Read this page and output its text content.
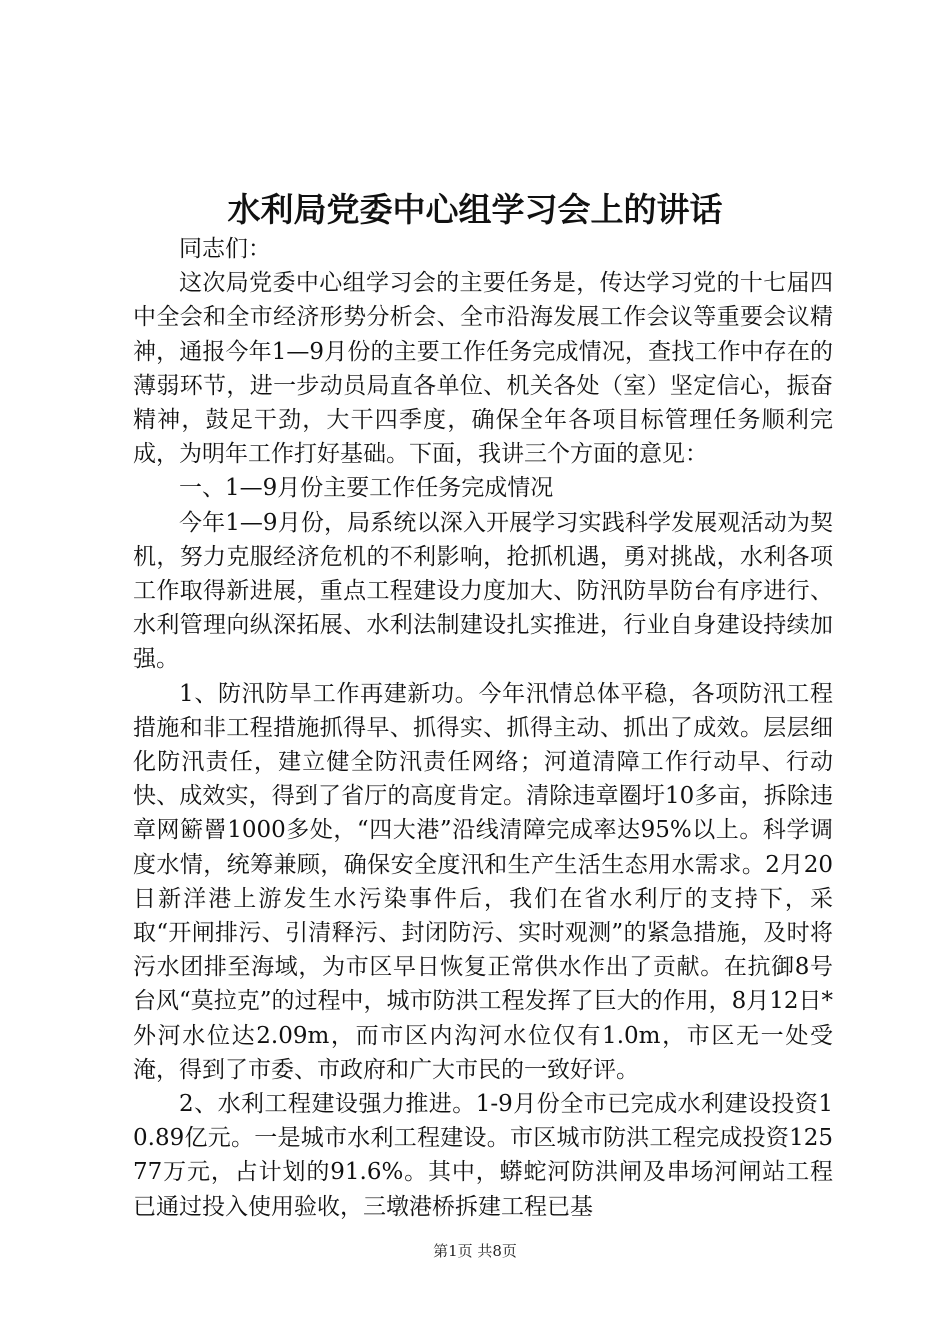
水利局党委中心组学习会上的讲话

同志们：

这次局党委中心组学习会的主要任务是，传达学习党的十七届四中全会和全市经济形势分析会、全市沿海发展工作会议等重要会议精神，通报今年1—9月份的主要工作任务完成情况，查找工作中存在的薄弱环节，进一步动员局直各单位、机关各处（室）坚定信心，振奋精神，鼓足干劲，大干四季度，确保全年各项目标管理任务顺利完成，为明年工作打好基础。下面，我讲三个方面的意见：

一、1—9月份主要工作任务完成情况

今年1—9月份，局系统以深入开展学习实践科学发展观活动为契机，努力克服经济危机的不利影响，抢抓机遇，勇对挑战，水利各项工作取得新进展，重点工程建设力度加大、防汛防旱防台有序进行、水利管理向纵深拓展、水利法制建设扎实推进，行业自身建设持续加强。

1、防汛防旱工作再建新功。今年汛情总体平稳，各项防汛工程措施和非工程措施抓得早、抓得实、抓得主动、抓出了成效。层层细化防汛责任，建立健全防汛责任网络；河道清障工作行动早、行动快、成效实，得到了省厅的高度肯定。清除违章圈圩10多亩，拆除违章网簖罾1000多处，“四大港”沿线清障完成率达95%以上。科学调度水情，统筹兼顾，确保安全度汛和生产生活生态用水需求。2月20日新洋港上游发生水污染事件后，我们在省水利厅的支持下，采取“开闸排污、引清释污、封闭防污、实时观测”的紧急措施，及时将污水团排至海域，为市区早日恢复正常供水作出了贡献。在抗御8号台风“莫拉克”的过程中，城市防洪工程发挥了巨大的作用，8月12日*外河水位达2.09m，而市区内沟河水位仅有1.0m，市区无一处受淹，得到了市委、市政府和广大市民的一致好评。

2、水利工程建设强力推进。1-9月份全市已完成水利建设投资10.89亿元。一是城市水利工程建设。市区城市防洪工程完成投资12577万元，占计划的91.6%。其中，蟒蛇河防洪闸及串场河闸站工程已通过投入使用验收，三墩港桥拆建工程已基

第1页 共8页
